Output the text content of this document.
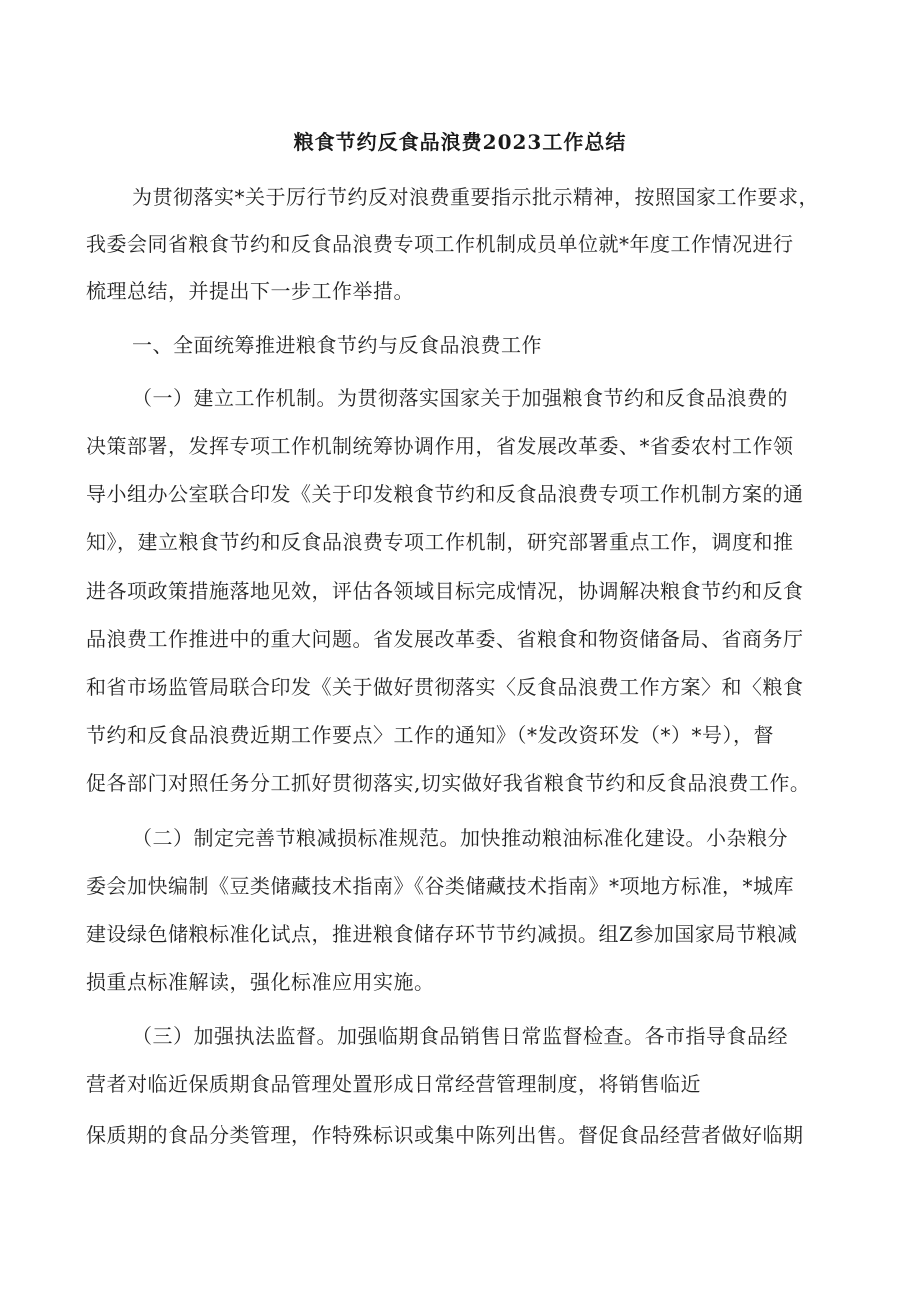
粮食节约反食品浪费2023工作总结
为贯彻落实*关于厉行节约反对浪费重要指示批示精神，按照国家工作要求，
我委会同省粮食节约和反食品浪费专项工作机制成员单位就*年度工作情况进行
梳理总结，并提出下一步工作举措。
一、全面统筹推进粮食节约与反食品浪费工作
（一）建立工作机制。为贯彻落实国家关于加强粮食节约和反食品浪费的
决策部署，发挥专项工作机制统筹协调作用，省发展改革委、*省委农村工作领
导小组办公室联合印发《关于印发粮食节约和反食品浪费专项工作机制方案的通
知》，建立粮食节约和反食品浪费专项工作机制，研究部署重点工作，调度和推
进各项政策措施落地见效，评估各领域目标完成情况，协调解决粮食节约和反食
品浪费工作推进中的重大问题。省发展改革委、省粮食和物资储备局、省商务厅
和省市场监管局联合印发《关于做好贯彻落实〈反食品浪费工作方案〉和〈粮食
节约和反食品浪费近期工作要点〉工作的通知》（*发改资环发（*）*号），督
促各部门对照任务分工抓好贯彻落实,切实做好我省粮食节约和反食品浪费工作。
（二）制定完善节粮减损标准规范。加快推动粮油标准化建设。小杂粮分
委会加快编制《豆类储藏技术指南》《谷类储藏技术指南》*项地方标准，*城库
建设绿色储粮标准化试点，推进粮食储存环节节约减损。组Z参加国家局节粮减
损重点标准解读，强化标准应用实施。
（三）加强执法监督。加强临期食品销售日常监督检查。各市指导食品经
营者对临近保质期食品管理处置形成日常经营管理制度，将销售临近
保质期的食品分类管理，作特殊标识或集中陈列出售。督促食品经营者做好临期
